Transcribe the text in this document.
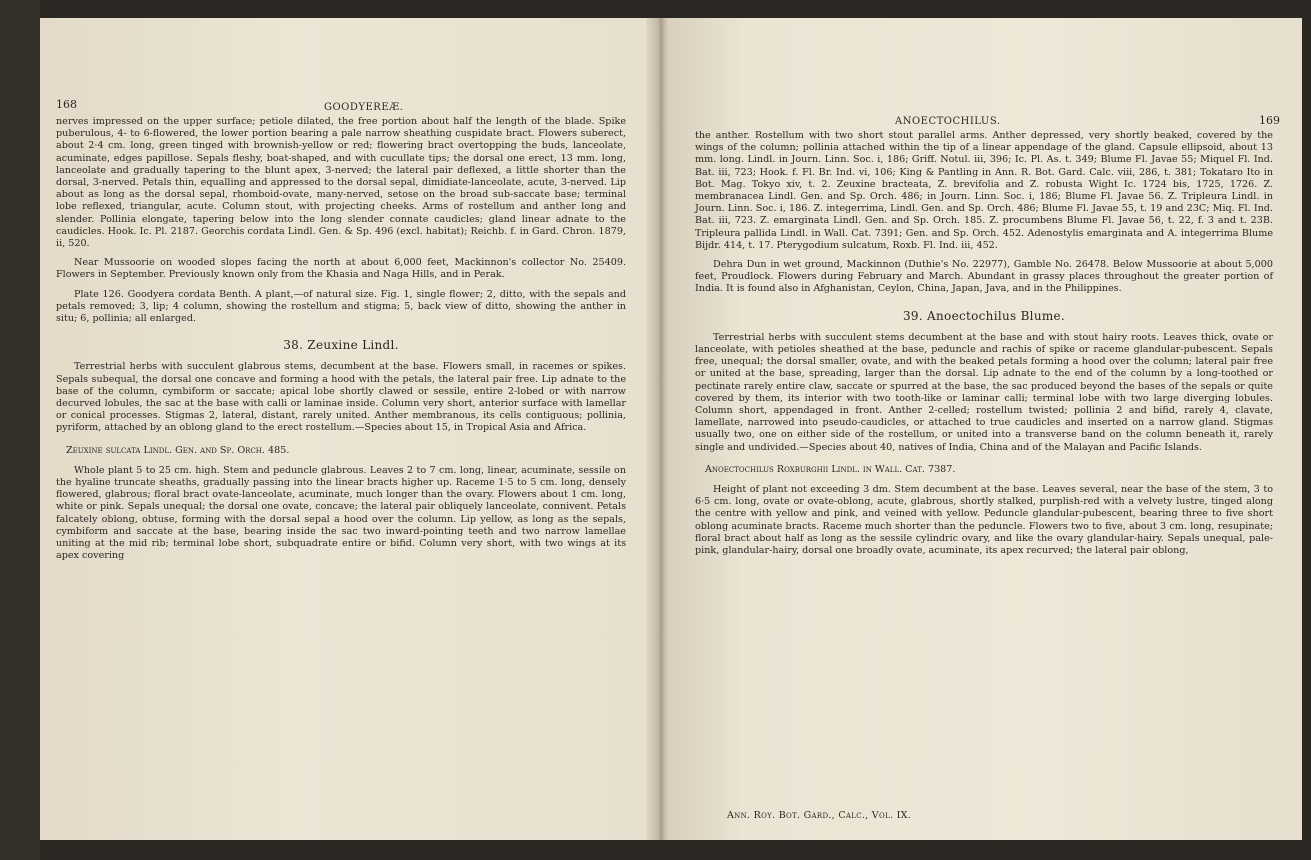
168	GOODYEREÆ.

nerves impressed on the upper surface; petiole dilated, the free portion about half the length of the blade. Spike puberulous, 4- to 6-flowered, the lower portion bearing a pale narrow sheathing cuspidate bract. Flowers suberect, about 2·4 cm. long, green tinged with brownish-yellow or red; flowering bract overtopping the buds, lanceolate, acuminate, edges papillose. Sepals fleshy, boat-shaped, and with cucullate tips; the dorsal one erect, 13 mm. long, lanceolate and gradually tapering to the blunt apex, 3-nerved; the lateral pair deflexed, a little shorter than the dorsal, 3-nerved. Petals thin, equalling and appressed to the dorsal sepal, dimidiate-lanceolate, acute, 3-nerved. Lip about as long as the dorsal sepal, rhomboid-ovate, many-nerved, setose on the broad sub-saccate base; terminal lobe reflexed, triangular, acute. Column stout, with projecting cheeks. Arms of rostellum and anther long and slender. Pollinia elongate, tapering below into the long slender connate caudicles; gland linear adnate to the caudicles. Hook. Ic. Pl. 2187. Georchis cordata Lindl. Gen. & Sp. 496 (excl. habitat); Reichb. f. in Gard. Chron. 1879, ii, 520.

Near Mussoorie on wooded slopes facing the north at about 6,000 feet, Mackinnon's collector No. 25409. Flowers in September. Previously known only from the Khasia and Naga Hills, and in Perak.

Plate 126. Goodyera cordata Benth. A plant,—of natural size. Fig. 1, single flower; 2, ditto, with the sepals and petals removed; 3, lip; 4 column, showing the rostellum and stigma; 5, back view of ditto, showing the anther in situ; 6, pollinia; all enlarged.

38. Zeuxine Lindl.

Terrestrial herbs with succulent glabrous stems, decumbent at the base. Flowers small, in racemes or spikes. Sepals subequal, the dorsal one concave and forming a hood with the petals, the lateral pair free. Lip adnate to the base of the column, cymbiform or saccate; apical lobe shortly clawed or sessile, entire 2-lobed or with narrow decurved lobules, the sac at the base with calli or laminae inside. Column very short, anterior surface with lamellar or conical processes. Stigmas 2, lateral, distant, rarely united. Anther membranous, its cells contiguous; pollinia, pyriform, attached by an oblong gland to the erect rostellum.—Species about 15, in Tropical Asia and Africa.

Zeuxine sulcata Lindl. Gen. and Sp. Orch. 485.

Whole plant 5 to 25 cm. high. Stem and peduncle glabrous. Leaves 2 to 7 cm. long, linear, acuminate, sessile on the hyaline truncate sheaths, gradually passing into the linear bracts higher up. Raceme 1·5 to 5 cm. long, densely flowered, glabrous; floral bract ovate-lanceolate, acuminate, much longer than the ovary. Flowers about 1 cm. long, white or pink. Sepals unequal; the dorsal one ovate, concave; the lateral pair obliquely lanceolate, connivent. Petals falcately oblong, obtuse, forming with the dorsal sepal a hood over the column. Lip yellow, as long as the sepals, cymbiform and saccate at the base, bearing inside the sac two inward-pointing teeth and two narrow lamellae uniting at the mid rib; terminal lobe short, subquadrate entire or bifid. Column very short, with two wings at its apex covering

ANOECTOCHILUS.	169

the anther. Rostellum with two short stout parallel arms. Anther depressed, very shortly beaked, covered by the wings of the column; pollinia attached within the tip of a linear appendage of the gland. Capsule ellipsoid, about 13 mm. long. Lindl. in Journ. Linn. Soc. i, 186; Griff. Notul. iii, 396; Ic. Pl. As. t. 349; Blume Fl. Javae 55; Miquel Fl. Ind. Bat. iii, 723; Hook. f. Fl. Br. Ind. vi, 106; King & Pantling in Ann. R. Bot. Gard. Calc. viii, 286, t. 381; Tokataro Ito in Bot. Mag. Tokyo xiv, t. 2. Zeuxine bracteata, Z. brevifolia and Z. robusta Wight Ic. 1724 bis, 1725, 1726. Z. membranacea Lindl. Gen. and Sp. Orch. 486; in Journ. Linn. Soc. i, 186; Blume Fl. Javae 56. Z. Tripleura Lindl. in Journ. Linn. Soc. i, 186. Z. integerrima, Lindl. Gen. and Sp. Orch. 486; Blume Fl. Javae 55, t. 19 and 23C; Miq. Fl. Ind. Bat. iii, 723. Z. emarginata Lindl. Gen. and Sp. Orch. 185. Z. procumbens Blume Fl. Javae 56, t. 22, f. 3 and t. 23B. Tripleura pallida Lindl. in Wall. Cat. 7391; Gen. and Sp. Orch. 452. Adenostylis emarginata and A. integerrima Blume Bijdr. 414, t. 17. Pterygodium sulcatum, Roxb. Fl. Ind. iii, 452.

Dehra Dun in wet ground, Mackinnon (Duthie's No. 22977), Gamble No. 26478. Below Mussoorie at about 5,000 feet, Proudlock. Flowers during February and March. Abundant in grassy places throughout the greater portion of India. It is found also in Afghanistan, Ceylon, China, Japan, Java, and in the Philippines.

39. Anoectochilus Blume.

Terrestrial herbs with succulent stems decumbent at the base and with stout hairy roots. Leaves thick, ovate or lanceolate, with petioles sheathed at the base, peduncle and rachis of spike or raceme glandular-pubescent. Sepals free, unequal; the dorsal smaller, ovate, and with the beaked petals forming a hood over the column; lateral pair free or united at the base, spreading, larger than the dorsal. Lip adnate to the end of the column by a long-toothed or pectinate rarely entire claw, saccate or spurred at the base, the sac produced beyond the bases of the sepals or quite covered by them, its interior with two tooth-like or laminar calli; terminal lobe with two large diverging lobules. Column short, appendaged in front. Anther 2-celled; rostellum twisted; pollinia 2 and bifid, rarely 4, clavate, lamellate, narrowed into pseudo-caudicles, or attached to true caudicles and inserted on a narrow gland. Stigmas usually two, one on either side of the rostellum, or united into a transverse band on the column beneath it, rarely single and undivided.—Species about 40, natives of India, China and of the Malayan and Pacific Islands.

Anoectochilus Roxburghii Lindl. in Wall. Cat. 7387.

Height of plant not exceeding 3 dm. Stem decumbent at the base. Leaves several, near the base of the stem, 3 to 6·5 cm. long, ovate or ovate-oblong, acute, glabrous, shortly stalked, purplish-red with a velvety lustre, tinged along the centre with yellow and pink, and veined with yellow. Peduncle glandular-pubescent, bearing three to five short oblong acuminate bracts. Raceme much shorter than the peduncle. Flowers two to five, about 3 cm. long, resupinate; floral bract about half as long as the sessile cylindric ovary, and like the ovary glandular-hairy. Sepals unequal, pale-pink, glandular-hairy, dorsal one broadly ovate, acuminate, its apex recurved; the lateral pair oblong,

Ann. Roy. Bot. Gard., Calc., Vol. IX.
